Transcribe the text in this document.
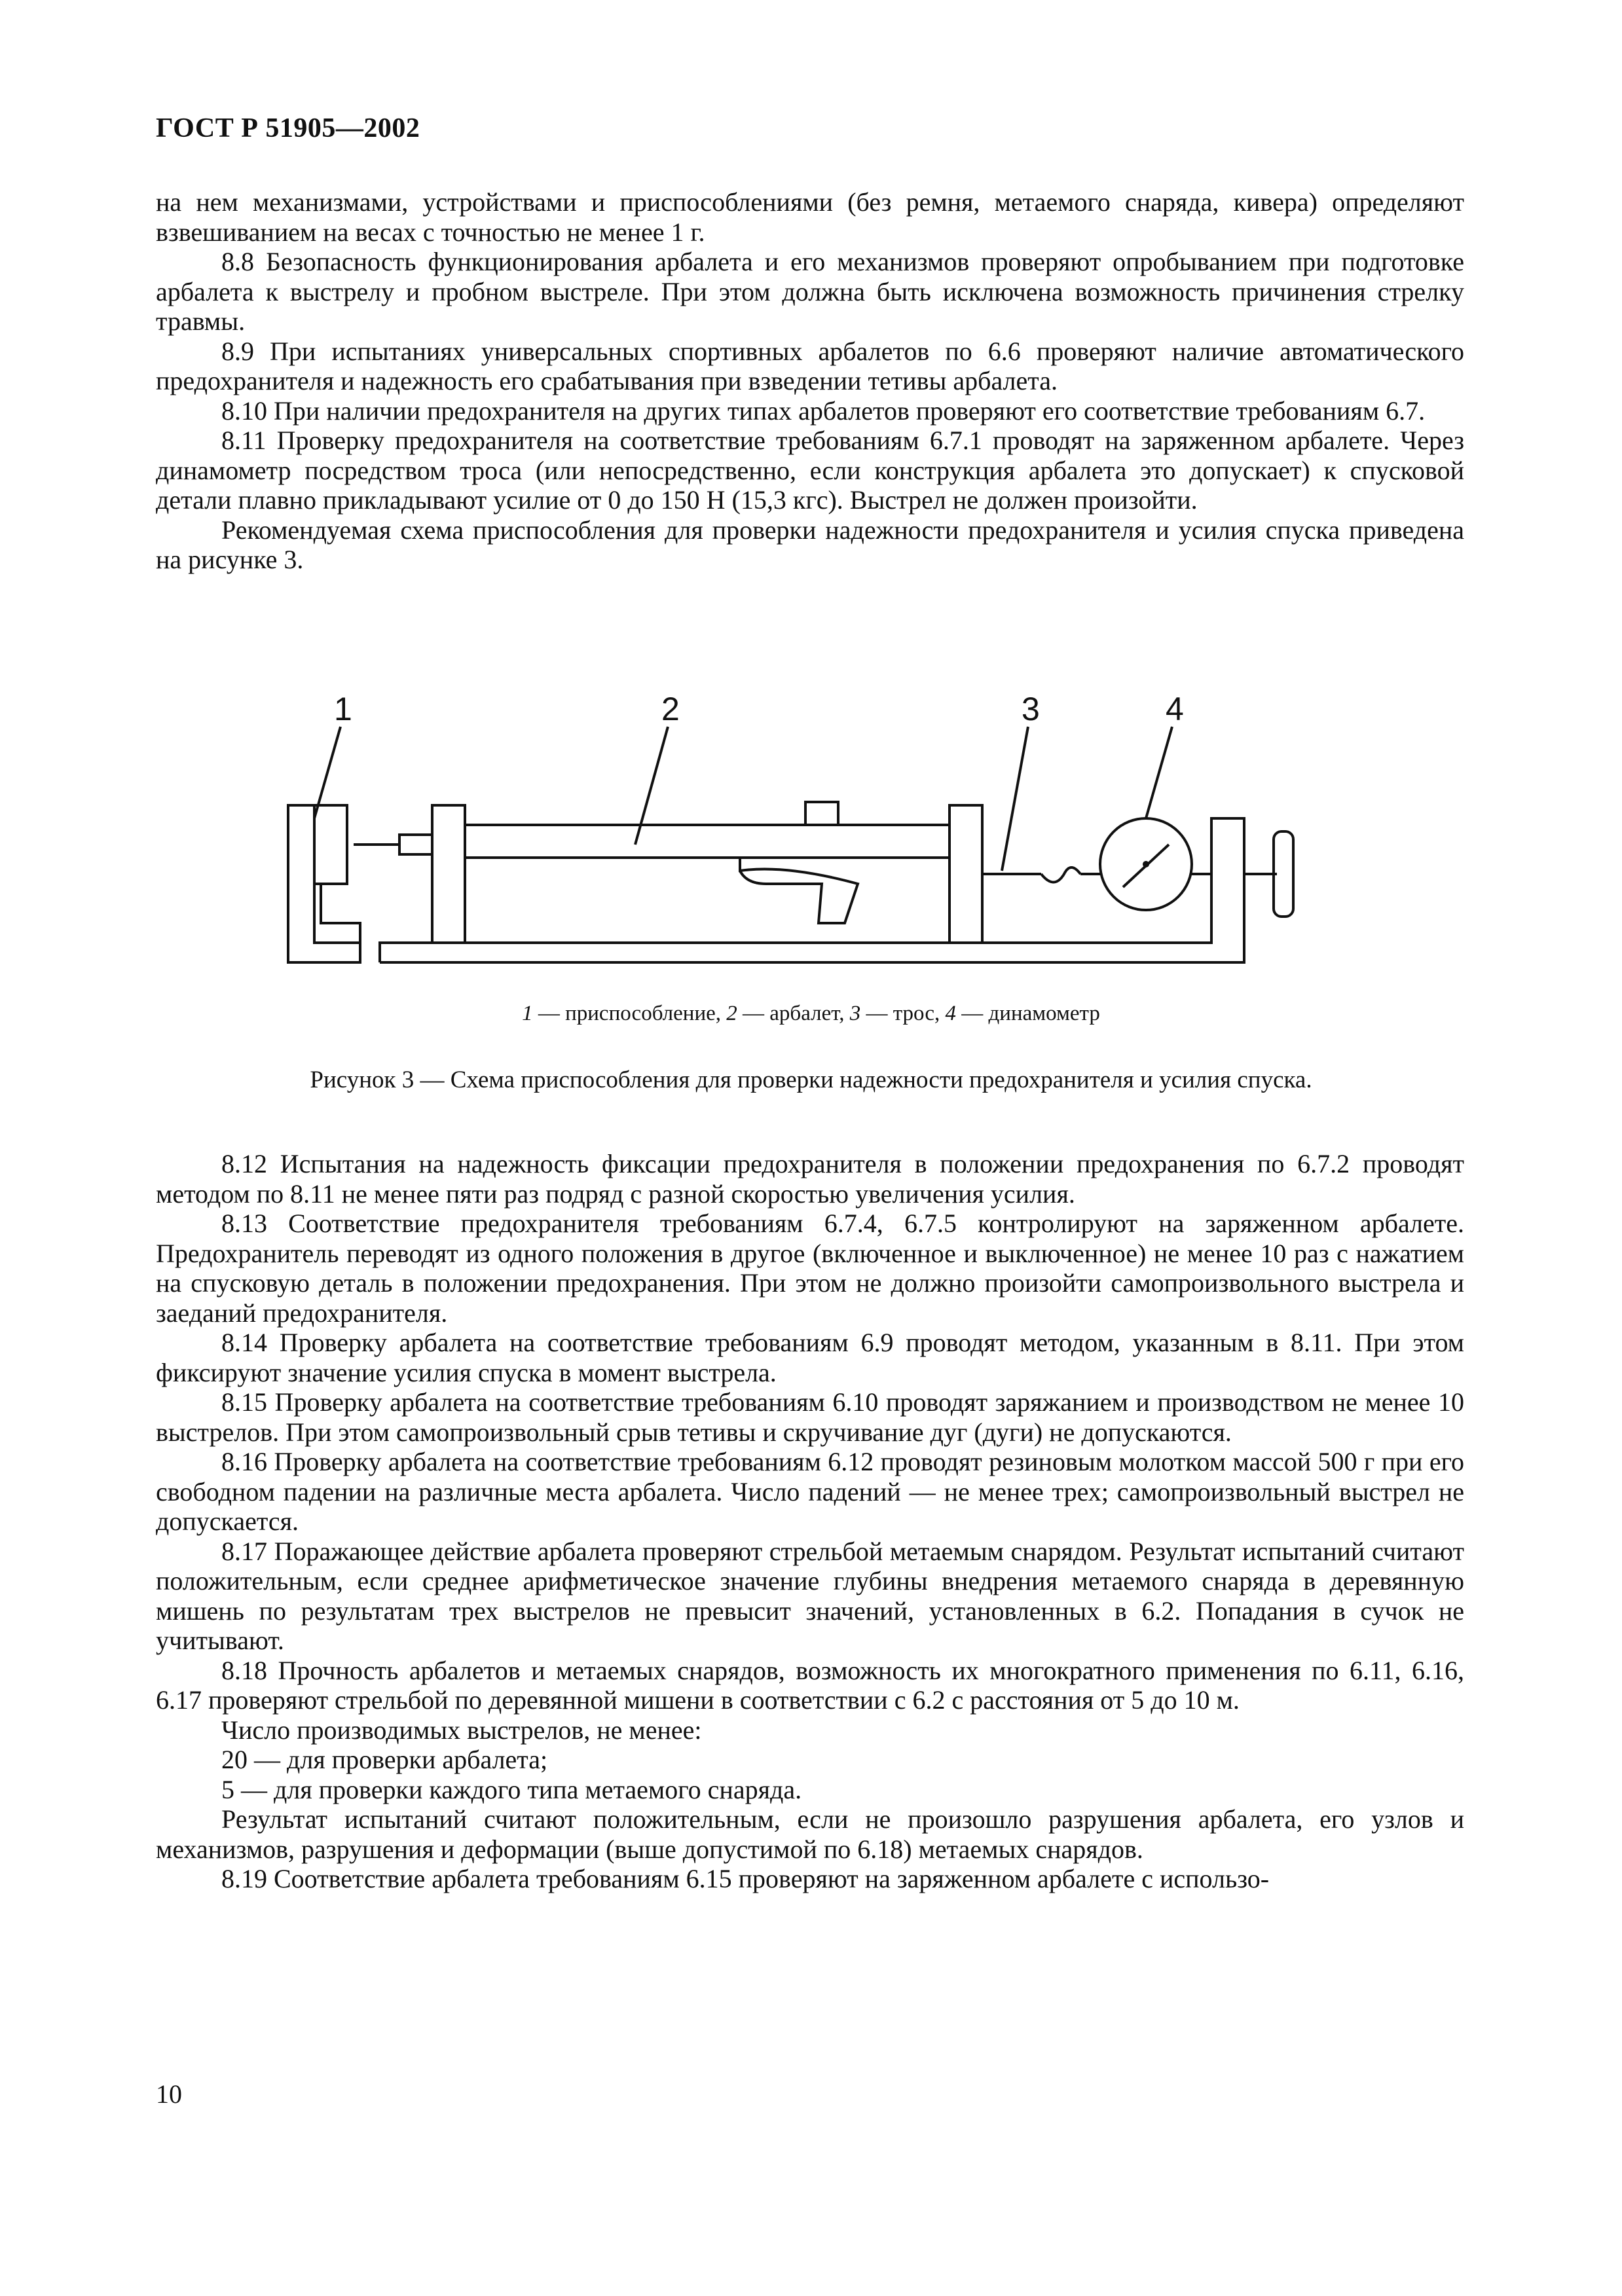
ГОСТ Р 51905—2002

на нем механизмами, устройствами и приспособлениями (без ремня, метаемого снаряда, кивера) определяют взвешиванием на весах с точностью не менее 1 г.

8.8 Безопасность функционирования арбалета и его механизмов проверяют опробыванием при подготовке арбалета к выстрелу и пробном выстреле. При этом должна быть исключена возможность причинения стрелку травмы.

8.9 При испытаниях универсальных спортивных арбалетов по 6.6 проверяют наличие автоматического предохранителя и надежность его срабатывания при взведении тетивы арбалета.

8.10 При наличии предохранителя на других типах арбалетов проверяют его соответствие требованиям 6.7.

8.11 Проверку предохранителя на соответствие требованиям 6.7.1 проводят на заряженном арбалете. Через динамометр посредством троса (или непосредственно, если конструкция арбалета это допускает) к спусковой детали плавно прикладывают усилие от 0 до 150 Н (15,3 кгс). Выстрел не должен произойти.

Рекомендуемая схема приспособления для проверки надежности предохранителя и усилия спуска приведена на рисунке 3.

1	2	3	4
1 — приспособление, 2 — арбалет, 3 — трос, 4 — динамометр
Рисунок 3 — Схема приспособления для проверки надежности предохранителя и усилия спуска.

8.12 Испытания на надежность фиксации предохранителя в положении предохранения по 6.7.2 проводят методом по 8.11 не менее пяти раз подряд с разной скоростью увеличения усилия.

8.13 Соответствие предохранителя требованиям 6.7.4, 6.7.5 контролируют на заряженном арбалете. Предохранитель переводят из одного положения в другое (включенное и выключенное) не менее 10 раз с нажатием на спусковую деталь в положении предохранения. При этом не должно произойти самопроизвольного выстрела и заеданий предохранителя.

8.14 Проверку арбалета на соответствие требованиям 6.9 проводят методом, указанным в 8.11. При этом фиксируют значение усилия спуска в момент выстрела.

8.15 Проверку арбалета на соответствие требованиям 6.10 проводят заряжанием и производством не менее 10 выстрелов. При этом самопроизвольный срыв тетивы и скручивание дуг (дуги) не допускаются.

8.16 Проверку арбалета на соответствие требованиям 6.12 проводят резиновым молотком массой 500 г при его свободном падении на различные места арбалета. Число падений — не менее трех; самопроизвольный выстрел не допускается.

8.17 Поражающее действие арбалета проверяют стрельбой метаемым снарядом. Результат испытаний считают положительным, если среднее арифметическое значение глубины внедрения метаемого снаряда в деревянную мишень по результатам трех выстрелов не превысит значений, установленных в 6.2. Попадания в сучок не учитывают.

8.18 Прочность арбалетов и метаемых снарядов, возможность их многократного применения по 6.11, 6.16, 6.17 проверяют стрельбой по деревянной мишени в соответствии с 6.2 с расстояния от 5 до 10 м.

Число производимых выстрелов, не менее:

20 — для проверки арбалета;

5 — для проверки каждого типа метаемого снаряда.

Результат испытаний считают положительным, если не произошло разрушения арбалета, его узлов и механизмов, разрушения и деформации (выше допустимой по 6.18) метаемых снарядов.

8.19 Соответствие арбалета требованиям 6.15 проверяют на заряженном арбалете с использо-

10
